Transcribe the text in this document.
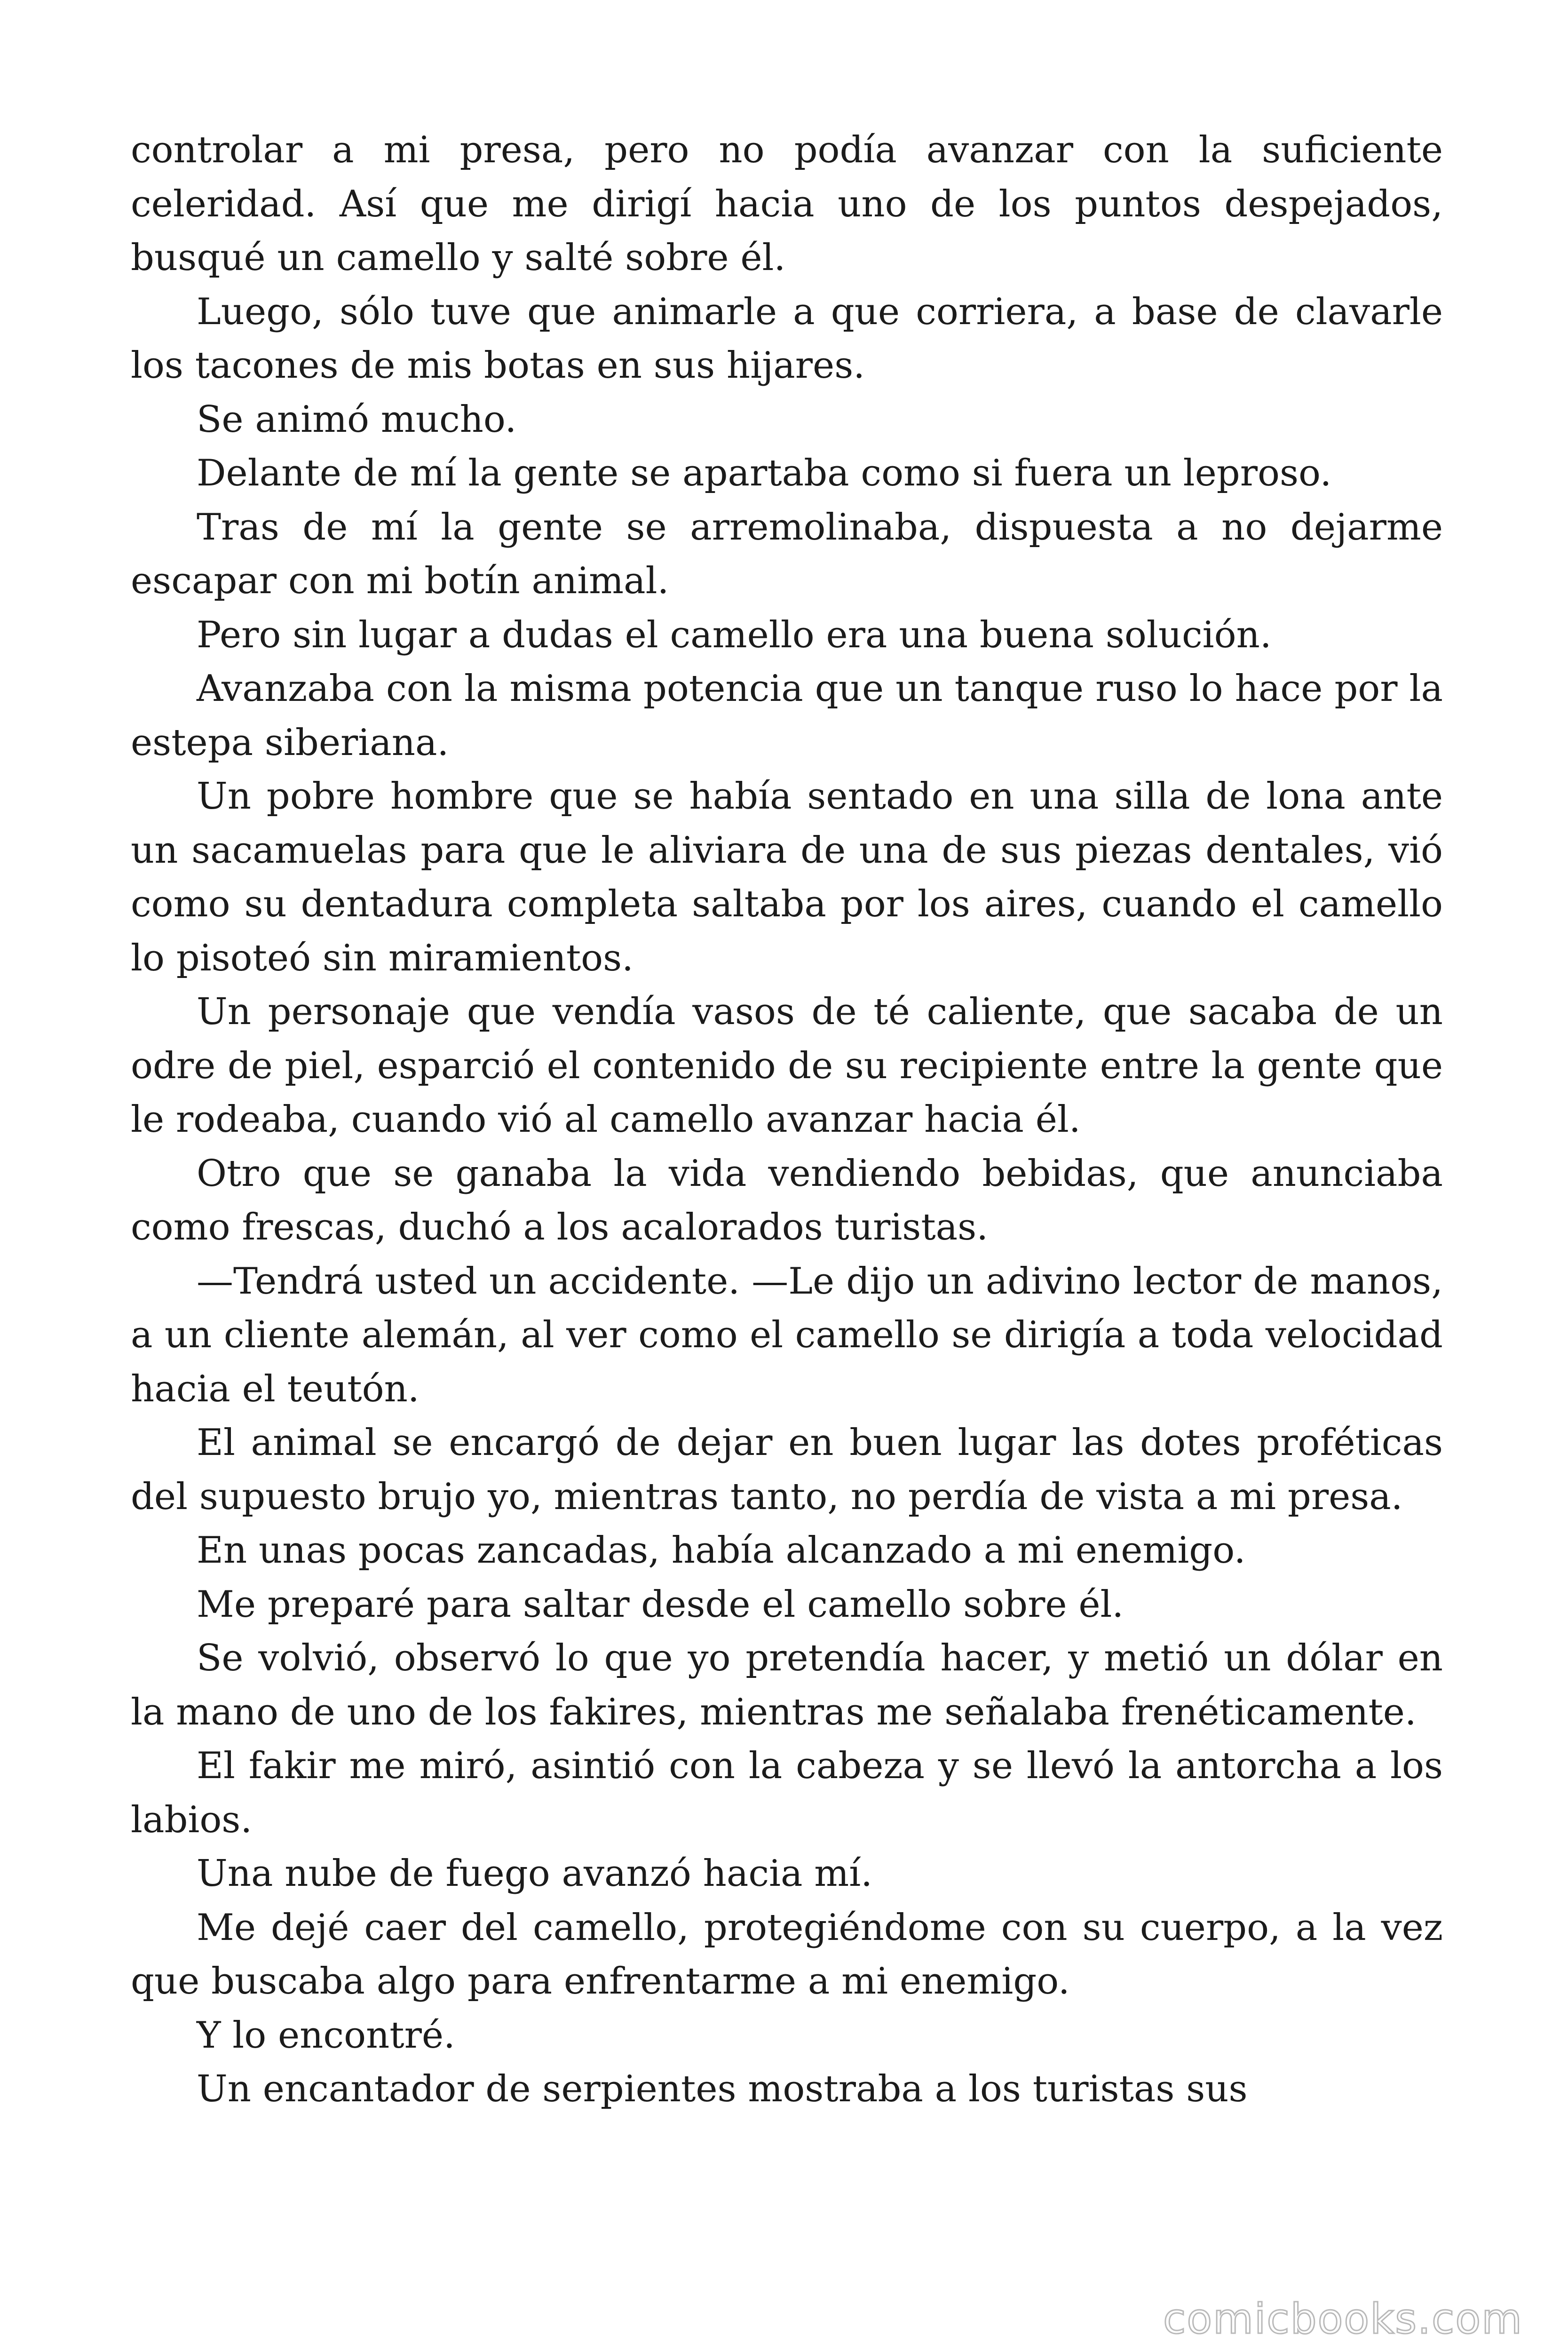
controlar a mi presa, pero no podía avanzar con la suficiente celeridad. Así que me dirigí hacia uno de los puntos despejados, busqué un camello y salté sobre él.

Luego, sólo tuve que animarle a que corriera, a base de clavarle los tacones de mis botas en sus hijares.

Se animó mucho.

Delante de mí la gente se apartaba como si fuera un leproso.

Tras de mí la gente se arremolinaba, dispuesta a no dejarme escapar con mi botín animal.

Pero sin lugar a dudas el camello era una buena solución.

Avanzaba con la misma potencia que un tanque ruso lo hace por la estepa siberiana.

Un pobre hombre que se había sentado en una silla de lona ante un sacamuelas para que le aliviara de una de sus piezas dentales, vió como su dentadura completa saltaba por los aires, cuando el camello lo pisoteó sin miramientos.

Un personaje que vendía vasos de té caliente, que sacaba de un odre de piel, esparció el contenido de su recipiente entre la gente que le rodeaba, cuando vió al camello avanzar hacia él.

Otro que se ganaba la vida vendiendo bebidas, que anunciaba como frescas, duchó a los acalorados turistas.

—Tendrá usted un accidente. —Le dijo un adivino lector de manos, a un cliente alemán, al ver como el camello se dirigía a toda velocidad hacia el teutón.

El animal se encargó de dejar en buen lugar las dotes proféticas del supuesto brujo yo, mientras tanto, no perdía de vista a mi presa.

En unas pocas zancadas, había alcanzado a mi enemigo.

Me preparé para saltar desde el camello sobre él.

Se volvió, observó lo que yo pretendía hacer, y metió un dólar en la mano de uno de los fakires, mientras me señalaba frenéticamente.

El fakir me miró, asintió con la cabeza y se llevó la antorcha a los labios.

Una nube de fuego avanzó hacia mí.

Me dejé caer del camello, protegiéndome con su cuerpo, a la vez que buscaba algo para enfrentarme a mi enemigo.

Y lo encontré.

Un encantador de serpientes mostraba a los turistas sus

comicbooks.com
